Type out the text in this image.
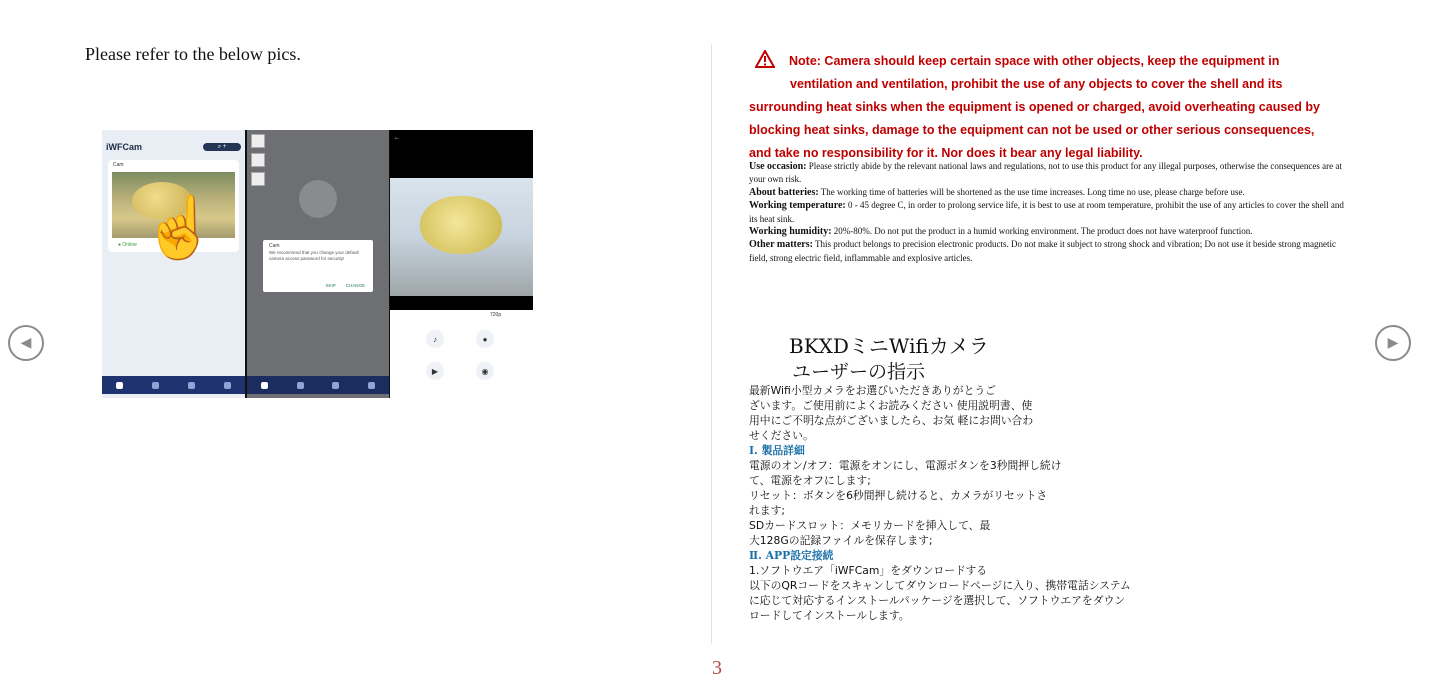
Please refer to the below pics.
iWFCam	⌕ +
Cam
● Online ☝	Cam
We recommend that you change your default camera access password for security!
SKIP CHANGE
←
720p
♪	●
▶	◉
◀	▶
Note: Camera should keep certain space with other objects, keep the equipment in
ventilation and ventilation, prohibit the use of any objects to cover the shell and its
surrounding heat sinks when the equipment is opened or charged, avoid overheating caused by
blocking heat sinks, damage to the equipment can not be used or other serious consequences,
and take no responsibility for it. Nor does it bear any legal liability.
Use occasion: Please strictly abide by the relevant national laws and regulations, not to use this product for any illegal purposes, otherwise the consequences are at your own risk.
About batteries: The working time of batteries will be shortened as the use time increases. Long time no use, please charge before use.
Working temperature: 0 - 45 degree C, in order to prolong service life, it is best to use at room temperature, prohibit the use of any articles to cover the shell and its heat sink.
Working humidity: 20%-80%. Do not put the product in a humid working environment. The product does not have waterproof function.
Other matters: This product belongs to precision electronic products. Do not make it subject to strong shock and vibration; Do not use it beside strong magnetic field, strong electric field, inflammable and explosive articles.
BKXDミニWifiカメラ
ユーザーの指示
最新Wifi小型カメラをお選びいただきありがとうご
ざいます。ご使用前によくお読みください 使用説明書、使
用中にご不明な点がございましたら、お気 軽にお問い合わ
せください。
Ⅰ. 製品詳細
電源のオン/オフ：電源をオンにし、電源ボタンを3秒間押し続け
て、電源をオフにします;
リセット：ボタンを6秒間押し続けると、カメラがリセットさ
れます;
SDカードスロット：メモリカードを挿入して、最
大128Gの記録ファイルを保存します;
Ⅱ. APP設定接続
1.ソフトウエア「iWFCam」をダウンロードする
以下のQRコードをスキャンしてダウンロードページに入り、携帯電話システム
に応じて対応するインストールパッケージを選択して、ソフトウエアをダウン
ロードしてインストールします。
3
